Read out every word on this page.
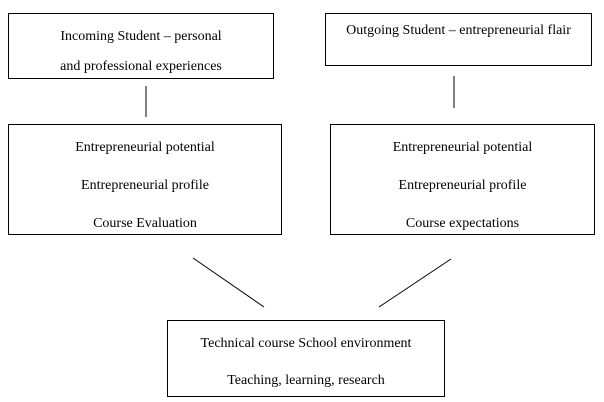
Incoming Student – personal

and professional experiences

Outgoing Student – entrepreneurial flair

Entrepreneurial potential

Entrepreneurial profile

Course Evaluation

Entrepreneurial potential

Entrepreneurial profile

Course expectations

Technical course School environment

Teaching, learning, research
